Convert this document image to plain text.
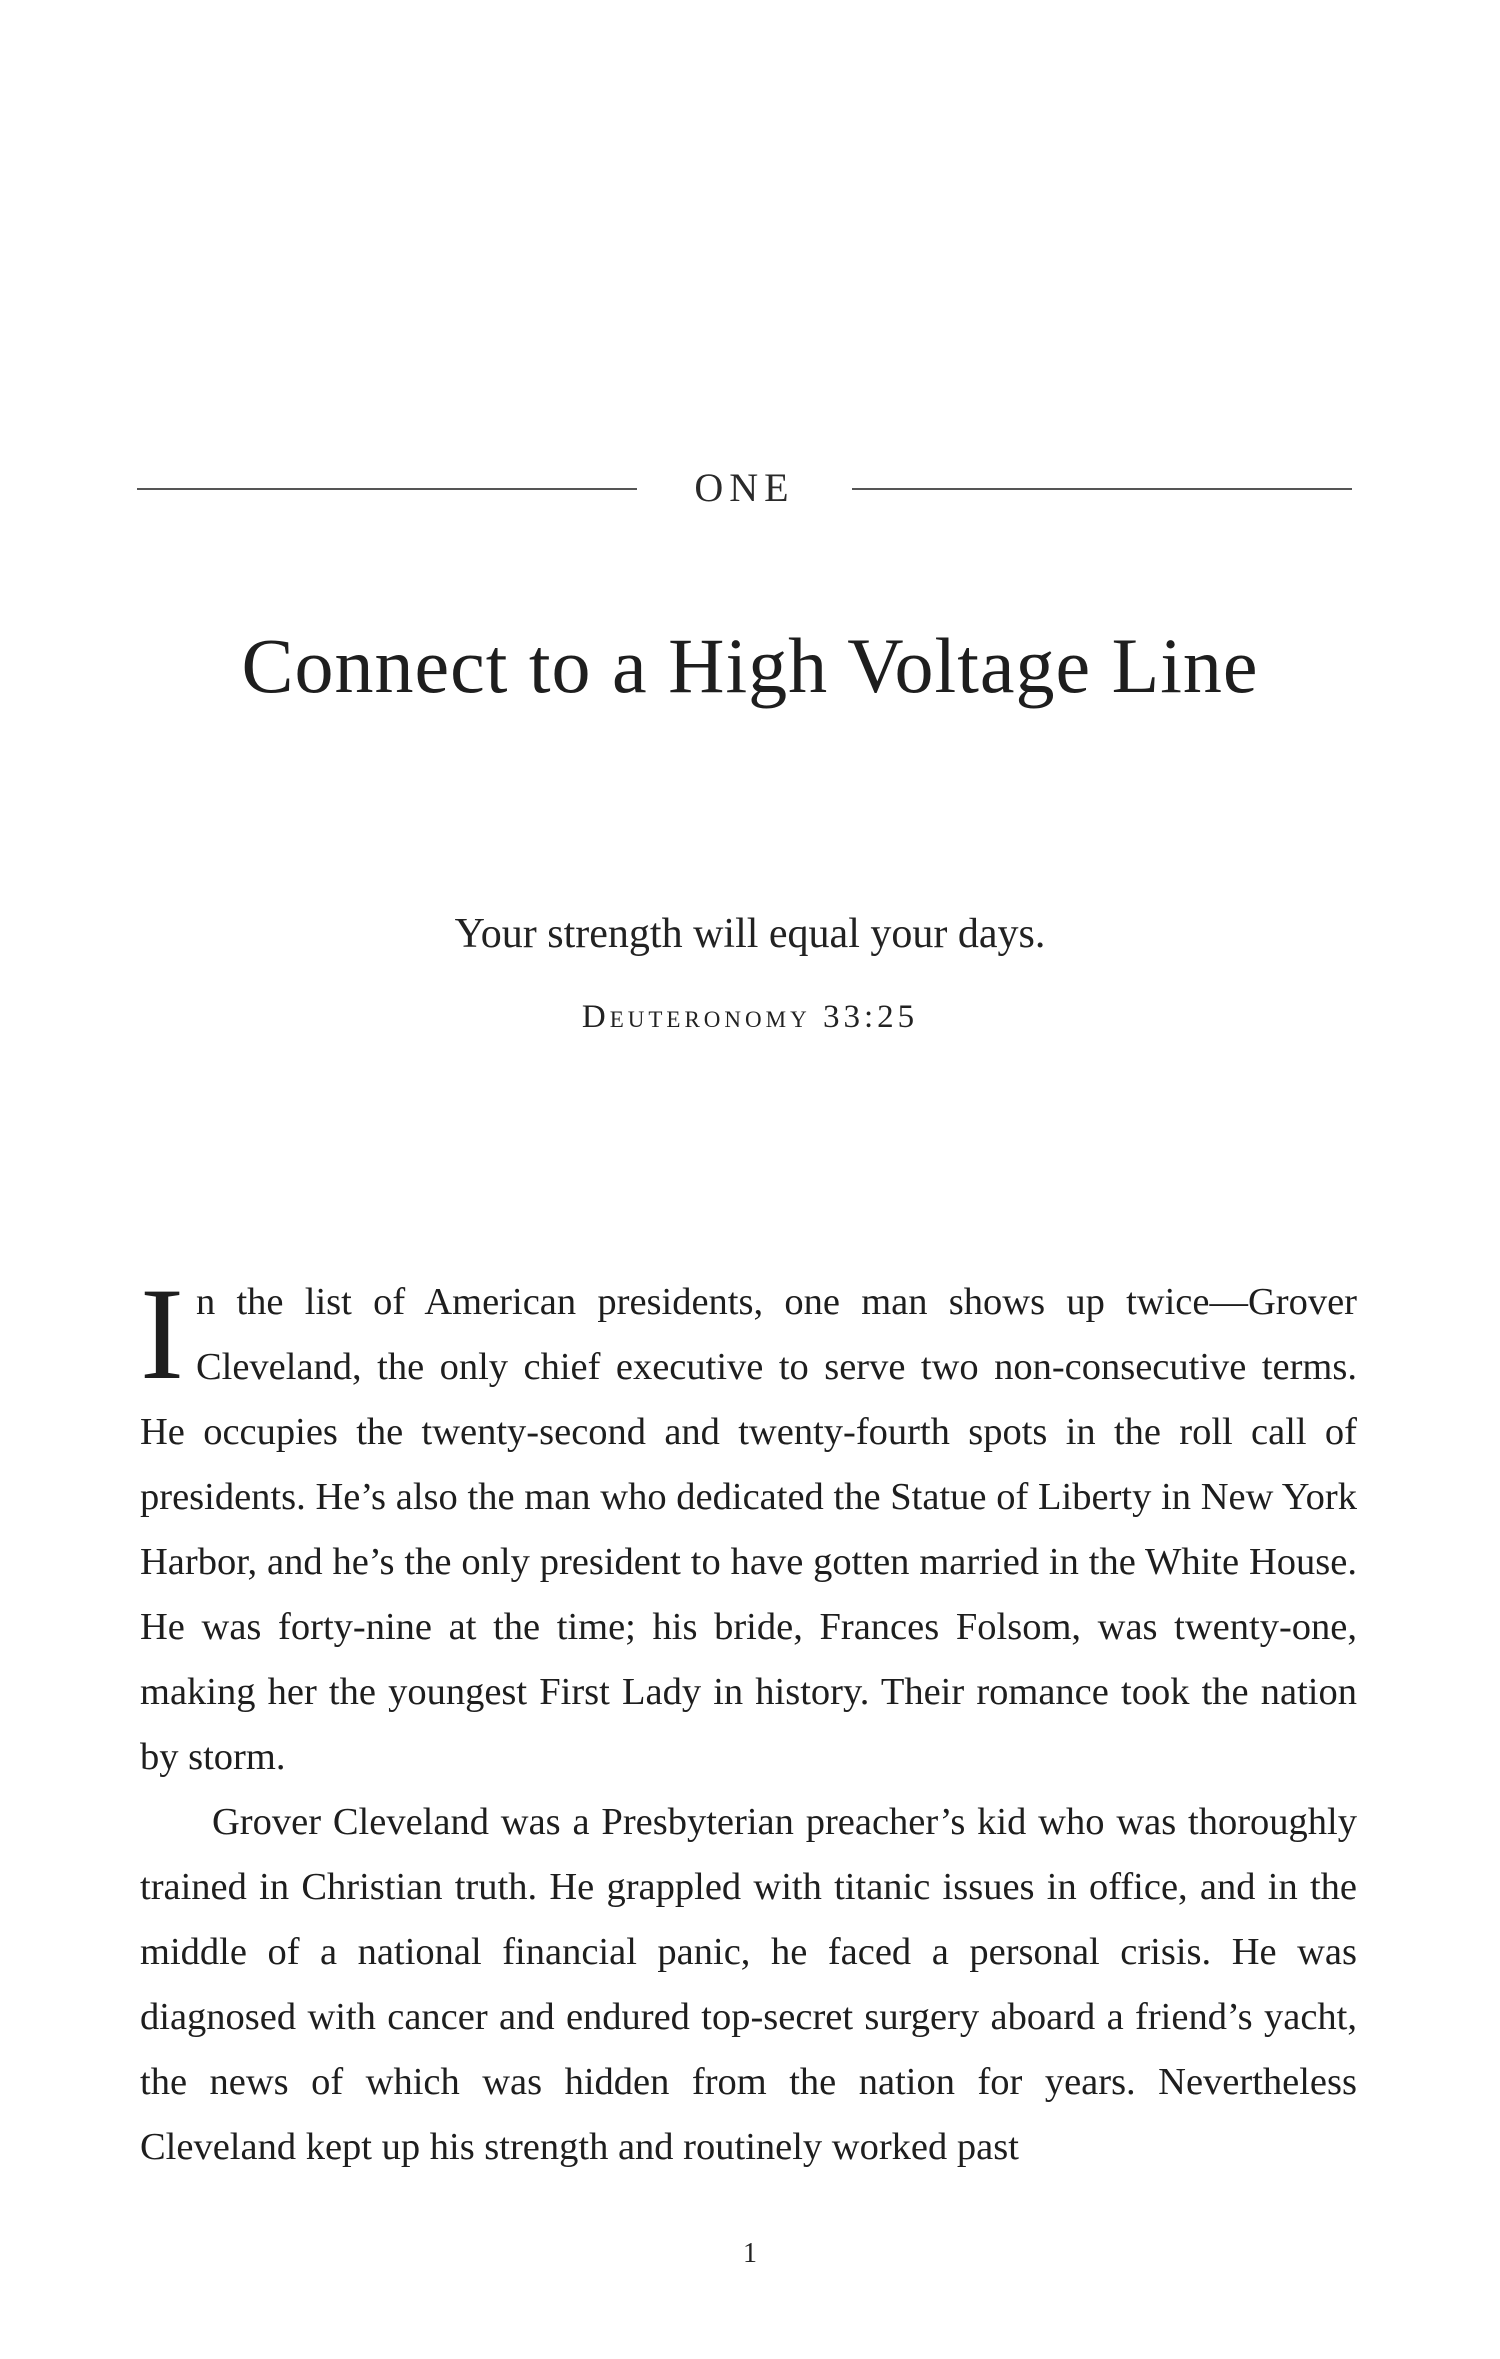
ONE
Connect to a High Voltage Line
Your strength will equal your days.
Deuteronomy 33:25

In the list of American presidents, one man shows up twice—Grover Cleveland, the only chief executive to serve two non-consecutive terms. He occupies the twenty-second and twenty-fourth spots in the roll call of presidents. He’s also the man who dedicated the Statue of Liberty in New York Harbor, and he’s the only president to have gotten married in the White House. He was forty-nine at the time; his bride, Frances Folsom, was twenty-one, making her the youngest First Lady in history. Their romance took the nation by storm.

Grover Cleveland was a Presbyterian preacher’s kid who was thoroughly trained in Christian truth. He grappled with titanic issues in office, and in the middle of a national financial panic, he faced a personal crisis. He was diagnosed with cancer and endured top-secret surgery aboard a friend’s yacht, the news of which was hidden from the nation for years. Nevertheless Cleveland kept up his strength and routinely worked past

1
